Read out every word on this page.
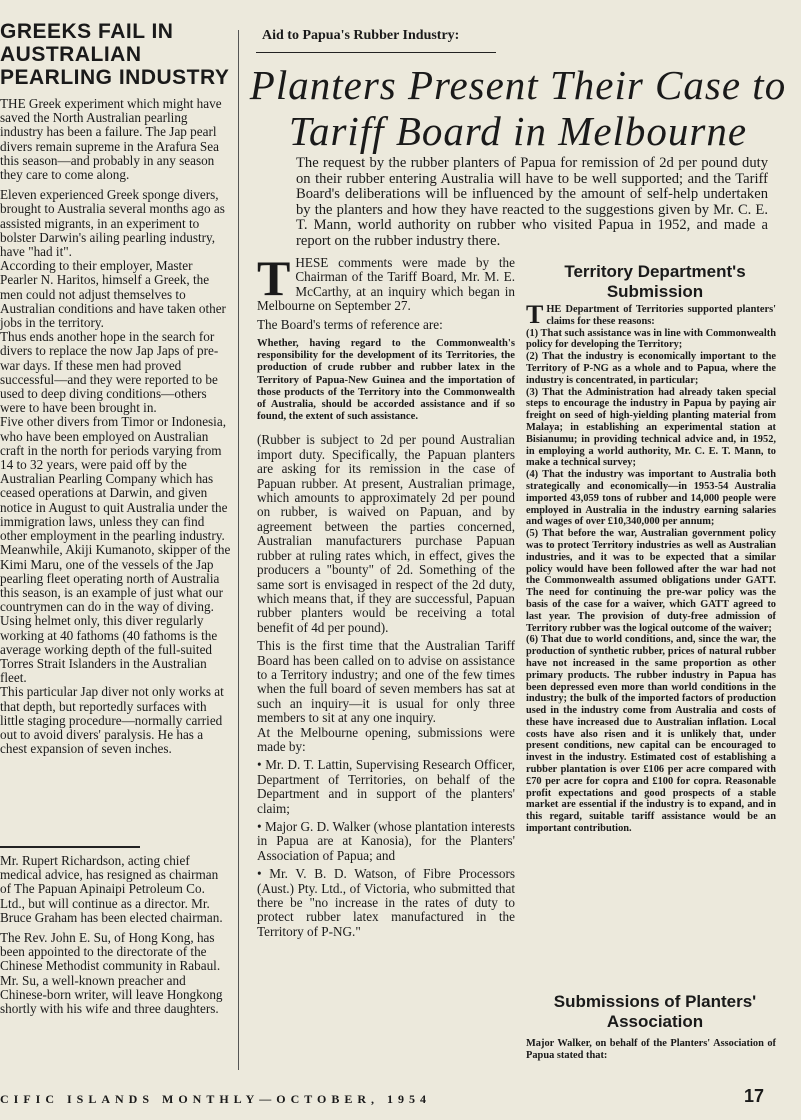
GREEKS FAIL IN
AUSTRALIAN
PEARLING INDUSTRY

THE Greek experiment which might have saved the North Australian pearling industry has been a failure. The Jap pearl divers remain supreme in the Arafura Sea this season—and probably in any season they care to come along.

Eleven experienced Greek sponge divers, brought to Australia several months ago as assisted migrants, in an experiment to bolster Darwin's ailing pearling industry, have "had it".

According to their employer, Master Pearler N. Haritos, himself a Greek, the men could not adjust themselves to Australian conditions and have taken other jobs in the territory.

Thus ends another hope in the search for divers to replace the now Jap Japs of pre-war days. If these men had proved successful—and they were reported to be used to deep diving conditions—others were to have been brought in.

Five other divers from Timor or Indonesia, who have been employed on Australian craft in the north for periods varying from 14 to 32 years, were paid off by the Australian Pearling Company which has ceased operations at Darwin, and given notice in August to quit Australia under the immigration laws, unless they can find other employment in the pearling industry.

Meanwhile, Akiji Kumanoto, skipper of the Kimi Maru, one of the vessels of the Jap pearling fleet operating north of Australia this season, is an example of just what our countrymen can do in the way of diving.

Using helmet only, this diver regularly working at 40 fathoms (40 fathoms is the average working depth of the full-suited Torres Strait Islanders in the Australian fleet.

This particular Jap diver not only works at that depth, but reportedly surfaces with little staging procedure—normally carried out to avoid divers' paralysis. He has a chest expansion of seven inches.

Mr. Rupert Richardson, acting chief medical advice, has resigned as chairman of The Papuan Apinaipi Petroleum Co. Ltd., but will continue as a director. Mr. Bruce Graham has been elected chairman.

The Rev. John E. Su, of Hong Kong, has been appointed to the directorate of the Chinese Methodist community in Rabaul. Mr. Su, a well-known preacher and Chinese-born writer, will leave Hongkong shortly with his wife and three daughters.

Aid to Papua's Rubber Industry:
Planters Present Their Case to
Tariff Board in Melbourne
The request by the rubber planters of Papua for remission of 2d per pound duty on their rubber entering Australia will have to be well supported; and the Tariff Board's deliberations will be influenced by the amount of self-help undertaken by the planters and how they have reacted to the suggestions given by Mr. C. E. T. Mann, world authority on rubber who visited Papua in 1952, and made a report on the rubber industry there.

THESE comments were made by the Chairman of the Tariff Board, Mr. M. E. McCarthy, at an inquiry which began in Melbourne on September 27.

The Board's terms of reference are:

Whether, having regard to the Commonwealth's responsibility for the development of its Territories, the production of crude rubber and rubber latex in the Territory of Papua-New Guinea and the importation of those products of the Territory into the Commonwealth of Australia, should be accorded assistance and if so found, the extent of such assistance.

(Rubber is subject to 2d per pound Australian import duty. Specifically, the Papuan planters are asking for its remission in the case of Papuan rubber. At present, Australian primage, which amounts to approximately 2d per pound on rubber, is waived on Papuan, and by agreement between the parties concerned, Australian manufacturers purchase Papuan rubber at ruling rates which, in effect, gives the producers a "bounty" of 2d. Something of the same sort is envisaged in respect of the 2d duty, which means that, if they are successful, Papuan rubber planters would be receiving a total benefit of 4d per pound).

This is the first time that the Australian Tariff Board has been called on to advise on assistance to a Territory industry; and one of the few times when the full board of seven members has sat at such an inquiry—it is usual for only three members to sit at any one inquiry.

At the Melbourne opening, submissions were made by:

• Mr. D. T. Lattin, Supervising Research Officer, Department of Territories, on behalf of the Department and in support of the planters' claim;

• Major G. D. Walker (whose plantation interests in Papua are at Kanosia), for the Planters' Association of Papua; and

• Mr. V. B. D. Watson, of Fibre Processors (Aust.) Pty. Ltd., of Victoria, who submitted that there be "no increase in the rates of duty to protect rubber latex manufactured in the Territory of P-NG."

Territory Department's
Submission

THE Department of Territories supported planters' claims for these reasons:

(1) That such assistance was in line with Commonwealth policy for developing the Territory;

(2) That the industry is economically important to the Territory of P-NG as a whole and to Papua, where the industry is concentrated, in particular;

(3) That the Administration had already taken special steps to encourage the industry in Papua by paying air freight on seed of high-yielding planting material from Malaya; in establishing an experimental station at Bisianumu; in providing technical advice and, in 1952, in employing a world authority, Mr. C. E. T. Mann, to make a technical survey;

(4) That the industry was important to Australia both strategically and economically—in 1953-54 Australia imported 43,059 tons of rubber and 14,000 people were employed in Australia in the industry earning salaries and wages of over £10,340,000 per annum;

(5) That before the war, Australian government policy was to protect Territory industries as well as Australian industries, and it was to be expected that a similar policy would have been followed after the war had not the Commonwealth assumed obligations under GATT. The need for continuing the pre-war policy was the basis of the case for a waiver, which GATT agreed to last year. The provision of duty-free admission of Territory rubber was the logical outcome of the waiver;

(6) That due to world conditions, and, since the war, the production of synthetic rubber, prices of natural rubber have not increased in the same proportion as other primary products. The rubber industry in Papua has been depressed even more than world conditions in the industry; the bulk of the imported factors of production used in the industry come from Australia and costs of these have increased due to Australian inflation. Local costs have also risen and it is unlikely that, under present conditions, new capital can be encouraged to invest in the industry. Estimated cost of establishing a rubber plantation is over £106 per acre compared with £70 per acre for copra and £100 for copra. Reasonable profit expectations and good prospects of a stable market are essential if the industry is to expand, and in this regard, suitable tariff assistance would be an important contribution.

Submissions of Planters'
Association
Major Walker, on behalf of the Planters' Association of Papua stated that:
CIFIC ISLANDS MONTHLY—OCTOBER, 1954	17
